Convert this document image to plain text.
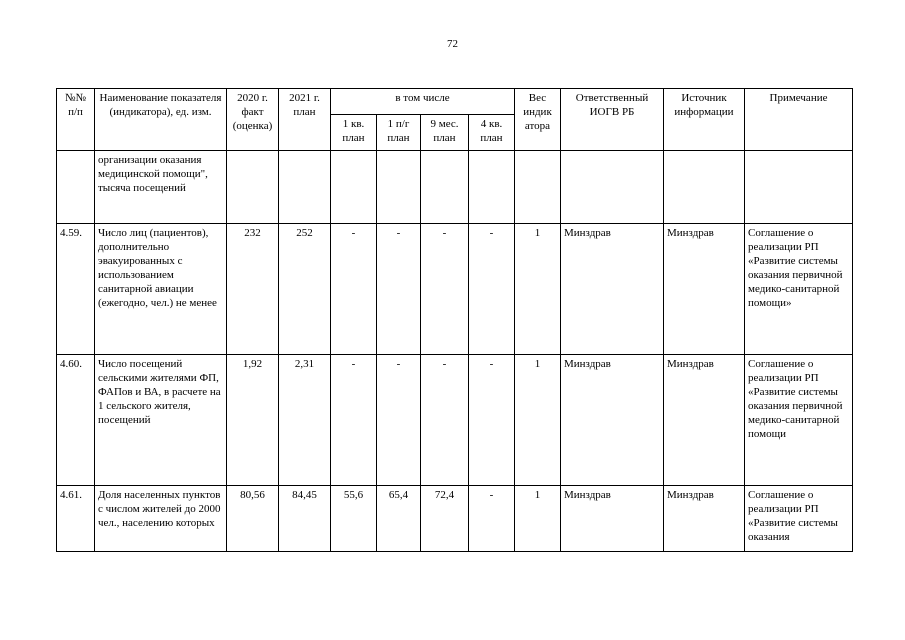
72
№№ п/п	Наименование показателя (индикатора), ед. изм.	2020 г. факт (оценка)	2021 г. план	в том числе				Вес индик атора	Ответственный ИОГВ РБ	Источник информации	Примечание
				1 кв. план	1 п/г план	9 мес. план	4 кв. план				
	организации оказания медицинской помощи", тысяча посещений										
4.59.	Число лиц (пациентов), дополнительно эвакуированных с использованием санитарной авиации (ежегодно, чел.) не менее	232	252	-	-	-	-	1	Минздрав	Минздрав	Соглашение о реализации РП «Развитие системы оказания первичной медико-санитарной помощи»
4.60.	Число посещений сельскими жителями ФП, ФАПов и ВА, в расчете на 1 сельского жителя, посещений	1,92	2,31	-	-	-	-	1	Минздрав	Минздрав	Соглашение о реализации РП «Развитие системы оказания первичной медико-санитарной помощи
4.61.	Доля населенных пунктов с числом жителей до 2000 чел., населению которых	80,56	84,45	55,6	65,4	72,4	-	1	Минздрав	Минздрав	Соглашение о реализации РП «Развитие системы оказания
